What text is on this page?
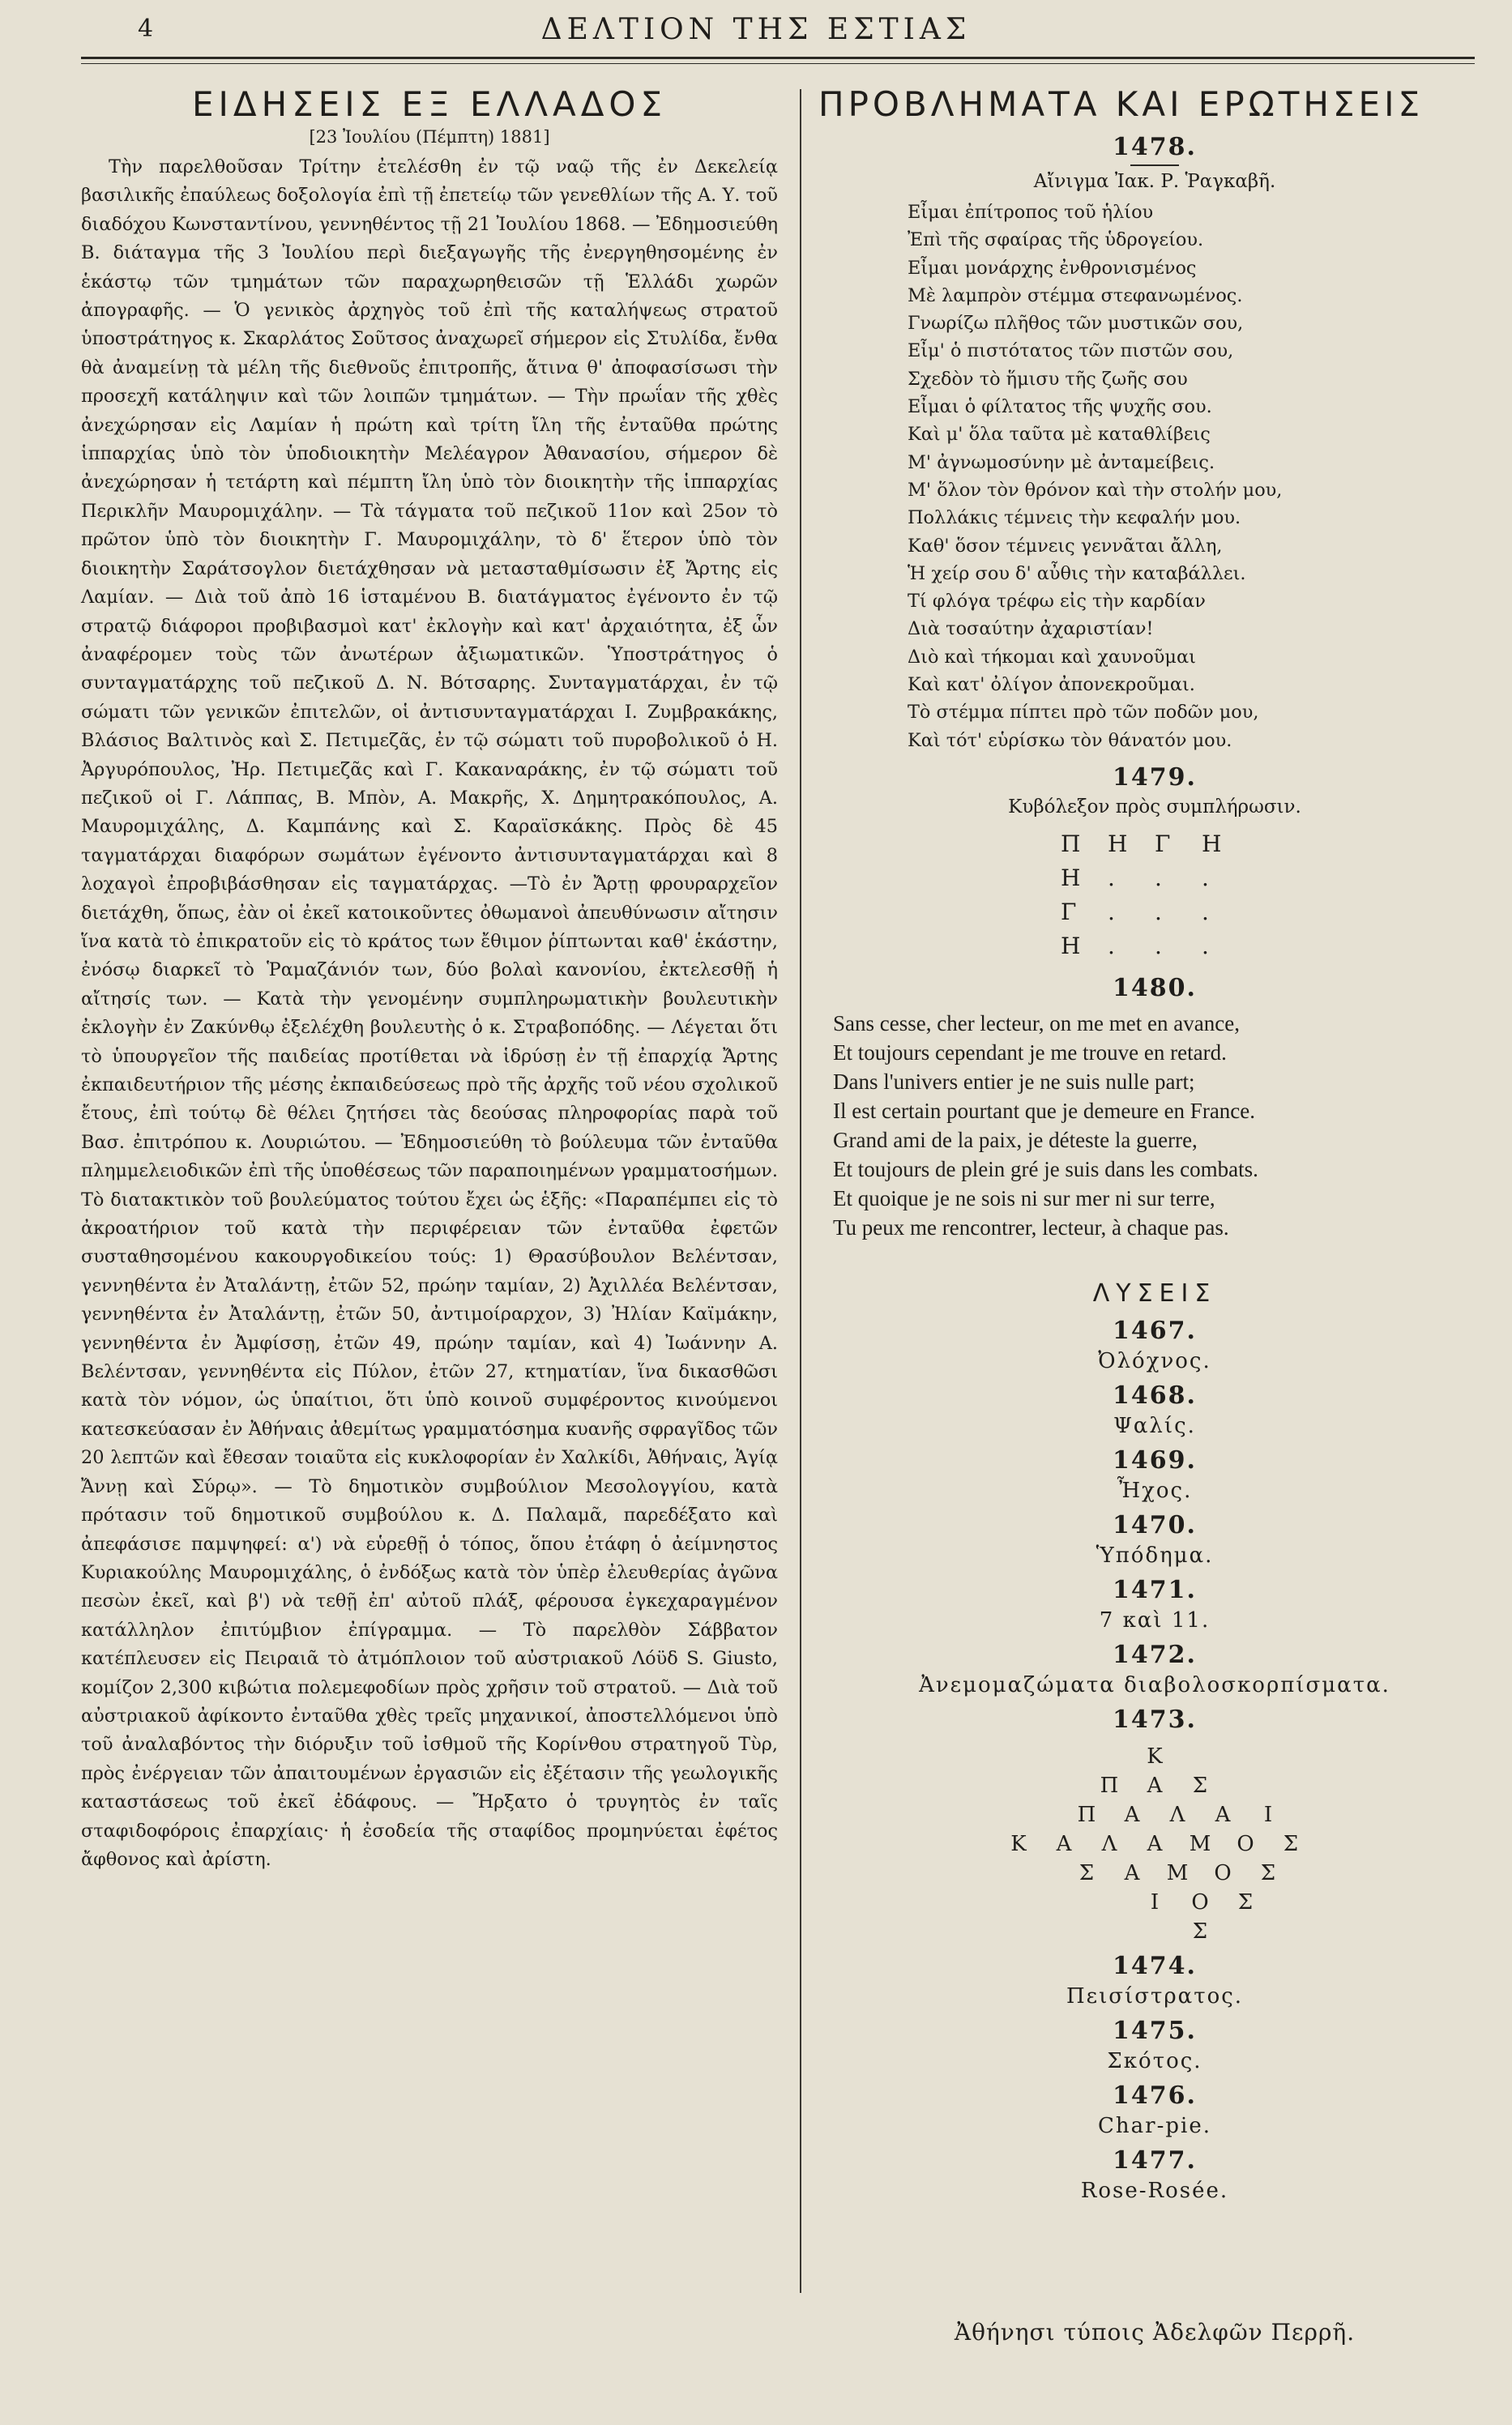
4	ΔΕΛΤΙΟΝ ΤΗΣ ΕΣΤΙΑΣ
ΕΙΔΗΣΕΙΣ ΕΞ ΕΛΛΑΔΟΣ
[23 Ἰουλίου (Πέμπτη) 1881]

Τὴν παρελθοῦσαν Τρίτην ἐτελέσθη ἐν τῷ ναῷ τῆς ἐν Δεκελείᾳ βασιλικῆς ἐπαύλεως δοξολογία ἐπὶ τῇ ἐπετείῳ τῶν γενεθλίων τῆς Α. Υ. τοῦ διαδόχου Κωνσταντίνου, γεννηθέντος τῇ 21 Ἰουλίου 1868. — Ἐδημοσιεύθη Β. διάταγμα τῆς 3 Ἰουλίου περὶ διεξαγωγῆς τῆς ἐνεργηθησομένης ἐν ἑκάστῳ τῶν τμημάτων τῶν παραχωρηθεισῶν τῇ Ἑλλάδι χωρῶν ἀπογραφῆς. — Ὁ γενικὸς ἀρχηγὸς τοῦ ἐπὶ τῆς καταλήψεως στρατοῦ ὑποστράτηγος κ. Σκαρλάτος Σοῦτσος ἀναχωρεῖ σήμερον εἰς Στυλίδα, ἔνθα θὰ ἀναμείνῃ τὰ μέλη τῆς διεθνοῦς ἐπιτροπῆς, ἅτινα θ' ἀποφασίσωσι τὴν προσεχῆ κατάληψιν καὶ τῶν λοιπῶν τμημάτων. — Τὴν πρωΐαν τῆς χθὲς ἀνεχώρησαν εἰς Λαμίαν ἡ πρώτη καὶ τρίτη ἴλη τῆς ἐνταῦθα πρώτης ἱππαρχίας ὑπὸ τὸν ὑποδιοικητὴν Μελέαγρον Ἀθανασίου, σήμερον δὲ ἀνεχώρησαν ἡ τετάρτη καὶ πέμπτη ἴλη ὑπὸ τὸν διοικητὴν τῆς ἱππαρχίας Περικλῆν Μαυρομιχάλην. — Τὰ τάγματα τοῦ πεζικοῦ 11ον καὶ 25ον τὸ πρῶτον ὑπὸ τὸν διοικητὴν Γ. Μαυρομιχάλην, τὸ δ' ἕτερον ὑπὸ τὸν διοικητὴν Σαράτσογλον διετάχθησαν νὰ μετασταθμίσωσιν ἐξ Ἄρτης εἰς Λαμίαν. — Διὰ τοῦ ἀπὸ 16 ἱσταμένου Β. διατάγματος ἐγένοντο ἐν τῷ στρατῷ διάφοροι προβιβασμοὶ κατ' ἐκλογὴν καὶ κατ' ἀρχαιότητα, ἐξ ὧν ἀναφέρομεν τοὺς τῶν ἀνωτέρων ἀξιωματικῶν. Ὑποστράτηγος ὁ συνταγματάρχης τοῦ πεζικοῦ Δ. Ν. Βότσαρης. Συνταγματάρχαι, ἐν τῷ σώματι τῶν γενικῶν ἐπιτελῶν, οἱ ἀντισυνταγματάρχαι Ι. Ζυμβρακάκης, Βλάσιος Βαλτινὸς καὶ Σ. Πετιμεζᾶς, ἐν τῷ σώματι τοῦ πυροβολικοῦ ὁ Η. Ἀργυρόπουλος, Ἠρ. Πετιμεζᾶς καὶ Γ. Κακαναράκης, ἐν τῷ σώματι τοῦ πεζικοῦ οἱ Γ. Λάππας, Β. Μπὸν, Α. Μακρῆς, Χ. Δημητρακόπουλος, Α. Μαυρομιχάλης, Δ. Καμπάνης καὶ Σ. Καραϊσκάκης. Πρὸς δὲ 45 ταγματάρχαι διαφόρων σωμάτων ἐγένοντο ἀντισυνταγματάρχαι καὶ 8 λοχαγοὶ ἐπροβιβάσθησαν εἰς ταγματάρχας. —Τὸ ἐν Ἄρτῃ φρουραρχεῖον διετάχθη, ὅπως, ἐὰν οἱ ἐκεῖ κατοικοῦντες ὀθωμανοὶ ἀπευθύνωσιν αἴτησιν ἵνα κατὰ τὸ ἐπικρατοῦν εἰς τὸ κράτος των ἔθιμον ῥίπτωνται καθ' ἑκάστην, ἐνόσῳ διαρκεῖ τὸ Ῥαμαζάνιόν των, δύο βολαὶ κανονίου, ἐκτελεσθῇ ἡ αἴτησίς των. — Κατὰ τὴν γενομένην συμπληρωματικὴν βουλευτικὴν ἐκλογὴν ἐν Ζακύνθῳ ἐξελέχθη βουλευτὴς ὁ κ. Στραβοπόδης. — Λέγεται ὅτι τὸ ὑπουργεῖον τῆς παιδείας προτίθεται νὰ ἱδρύσῃ ἐν τῇ ἐπαρχίᾳ Ἄρτης ἐκπαιδευτήριον τῆς μέσης ἐκπαιδεύσεως πρὸ τῆς ἀρχῆς τοῦ νέου σχολικοῦ ἔτους, ἐπὶ τούτῳ δὲ θέλει ζητήσει τὰς δεούσας πληροφορίας παρὰ τοῦ Βασ. ἐπιτρόπου κ. Λουριώτου. — Ἐδημοσιεύθη τὸ βούλευμα τῶν ἐνταῦθα πλημμελειοδικῶν ἐπὶ τῆς ὑποθέσεως τῶν παραποιημένων γραμματοσήμων. Τὸ διατακτικὸν τοῦ βουλεύματος τούτου ἔχει ὡς ἑξῆς: «Παραπέμπει εἰς τὸ ἀκροατήριον τοῦ κατὰ τὴν περιφέρειαν τῶν ἐνταῦθα ἐφετῶν συσταθησομένου κακουργοδικείου τούς: 1) Θρασύβουλον Βελέντσαν, γεννηθέντα ἐν Ἀταλάντῃ, ἐτῶν 52, πρώην ταμίαν, 2) Ἀχιλλέα Βελέντσαν, γεννηθέντα ἐν Ἀταλάντῃ, ἐτῶν 50, ἀντιμοίραρχον, 3) Ἠλίαν Καϊμάκην, γεννηθέντα ἐν Ἀμφίσσῃ, ἐτῶν 49, πρώην ταμίαν, καὶ 4) Ἰωάννην Α. Βελέντσαν, γεννηθέντα εἰς Πύλον, ἐτῶν 27, κτηματίαν, ἵνα δικασθῶσι κατὰ τὸν νόμον, ὡς ὑπαίτιοι, ὅτι ὑπὸ κοινοῦ συμφέροντος κινούμενοι κατεσκεύασαν ἐν Ἀθήναις ἀθεμίτως γραμματόσημα κυανῆς σφραγῖδος τῶν 20 λεπτῶν καὶ ἔθεσαν τοιαῦτα εἰς κυκλοφορίαν ἐν Χαλκίδι, Ἀθήναις, Ἁγίᾳ Ἄννῃ καὶ Σύρῳ». — Τὸ δημοτικὸν συμβούλιον Μεσολογγίου, κατὰ πρότασιν τοῦ δημοτικοῦ συμβούλου κ. Δ. Παλαμᾶ, παρεδέξατο καὶ ἀπεφάσισε παμψηφεί: α') νὰ εὑρεθῇ ὁ τόπος, ὅπου ἐτάφη ὁ ἀείμνηστος Κυριακούλης Μαυρομιχάλης, ὁ ἐνδόξως κατὰ τὸν ὑπὲρ ἐλευθερίας ἀγῶνα πεσὼν ἐκεῖ, καὶ β') νὰ τεθῇ ἐπ' αὐτοῦ πλάξ, φέρουσα ἐγκεχαραγμένον κατάλληλον ἐπιτύμβιον ἐπίγραμμα. — Τὸ παρελθὸν Σάββατον κατέπλευσεν εἰς Πειραιᾶ τὸ ἀτμόπλοιον τοῦ αὐστριακοῦ Λόϋδ S. Giusto, κομίζον 2,300 κιβώτια πολεμεφοδίων πρὸς χρῆσιν τοῦ στρατοῦ. — Διὰ τοῦ αὐστριακοῦ ἀφίκοντο ἐνταῦθα χθὲς τρεῖς μηχανικοί, ἀποστελλόμενοι ὑπὸ τοῦ ἀναλαβόντος τὴν διόρυξιν τοῦ ἰσθμοῦ τῆς Κορίνθου στρατηγοῦ Τὺρ, πρὸς ἐνέργειαν τῶν ἀπαιτουμένων ἐργασιῶν εἰς ἐξέτασιν τῆς γεωλογικῆς καταστάσεως τοῦ ἐκεῖ ἐδάφους. — Ἤρξατο ὁ τρυγητὸς ἐν ταῖς σταφιδοφόροις ἐπαρχίαις· ἡ ἐσοδεία τῆς σταφίδος προμηνύεται ἐφέτος ἄφθονος καὶ ἀρίστη.

ΠΡΟΒΛΗΜΑΤΑ ΚΑΙ ΕΡΩΤΗΣΕΙΣ
1478.
Αἴνιγμα Ἰακ. Ρ. Ῥαγκαβῆ.
Εἶμαι ἐπίτροπος τοῦ ἡλίου
Ἐπὶ τῆς σφαίρας τῆς ὑδρογείου.
Εἶμαι μονάρχης ἐνθρονισμένος
Μὲ λαμπρὸν στέμμα στεφανωμένος.
Γνωρίζω πλῆθος τῶν μυστικῶν σου,
Εἶμ' ὁ πιστότατος τῶν πιστῶν σου,
Σχεδὸν τὸ ἥμισυ τῆς ζωῆς σου
Εἶμαι ὁ φίλτατος τῆς ψυχῆς σου.
Καὶ μ' ὅλα ταῦτα μὲ καταθλίβεις
Μ' ἀγνωμοσύνην μὲ ἀνταμείβεις.
Μ' ὅλον τὸν θρόνον καὶ τὴν στολήν μου,
Πολλάκις τέμνεις τὴν κεφαλήν μου.
Καθ' ὅσον τέμνεις γεννᾶται ἄλλη,
Ἡ χείρ σου δ' αὖθις τὴν καταβάλλει.
Τί φλόγα τρέφω εἰς τὴν καρδίαν
Διὰ τοσαύτην ἀχαριστίαν!
Διὸ καὶ τήκομαι καὶ χαυνοῦμαι
Καὶ κατ' ὀλίγον ἀπονεκροῦμαι.
Τὸ στέμμα πίπτει πρὸ τῶν ποδῶν μου,
Καὶ τότ' εὑρίσκω τὸν θάνατόν μου.
1479.
Κυβόλεξον πρὸς συμπλήρωσιν.
Π	Η	Γ	Η
Η	.	.	.
Γ	.	.	.
Η	.	.	.
1480.
Sans cesse, cher lecteur, on me met en avance,
Et toujours cependant je me trouve en retard.
Dans l'univers entier je ne suis nulle part;
Il est certain pourtant que je demeure en France.
Grand ami de la paix, je déteste la guerre,
Et toujours de plein gré je suis dans les combats.
Et quoique je ne sois ni sur mer ni sur terre,
Tu peux me rencontrer, lecteur, à chaque pas.
ΛΥΣΕΙΣ
1467.
Ὀλόχνος.
1468.
Ψαλίς.
1469.
Ἦχος.
1470.
Ὑπόδημα.
1471.
7 καὶ 11.
1472.
Ἀνεμομαζώματα διαβολοσκορπίσματα.
1473.
Κ
Π	Α	Σ
Π	Α	Λ	Α	Ι
Κ	Α	Λ	Α	Μ	Ο	Σ
Σ	Α	Μ	Ο	Σ
Ι	Ο	Σ
Σ
1474.
Πεισίστρατος.
1475.
Σκότος.
1476.
Char-pie.
1477.
Rose-Rosée.
Ἀθήνησι τύποις Ἀδελφῶν Περρῆ.
